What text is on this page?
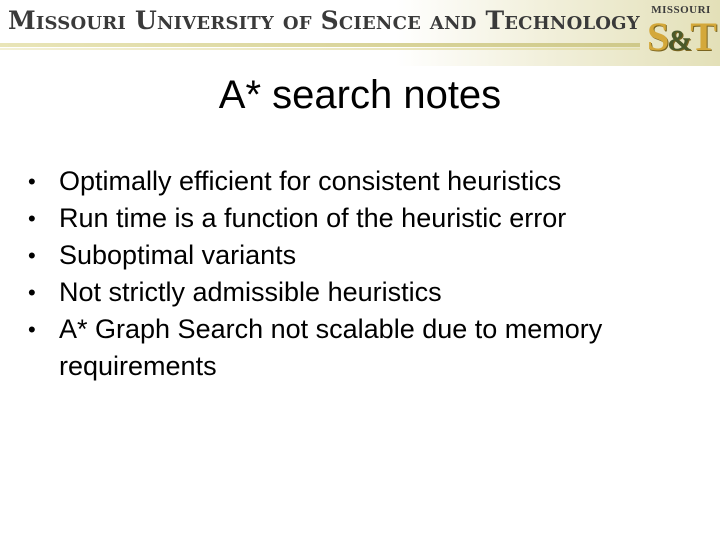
Missouri University of Science and Technology	MISSOURI
S&T
A* search notes
• Optimally efficient for consistent heuristics
• Run time is a function of the heuristic error
• Suboptimal variants
• Not strictly admissible heuristics
• A* Graph Search not scalable due to memory requirements
